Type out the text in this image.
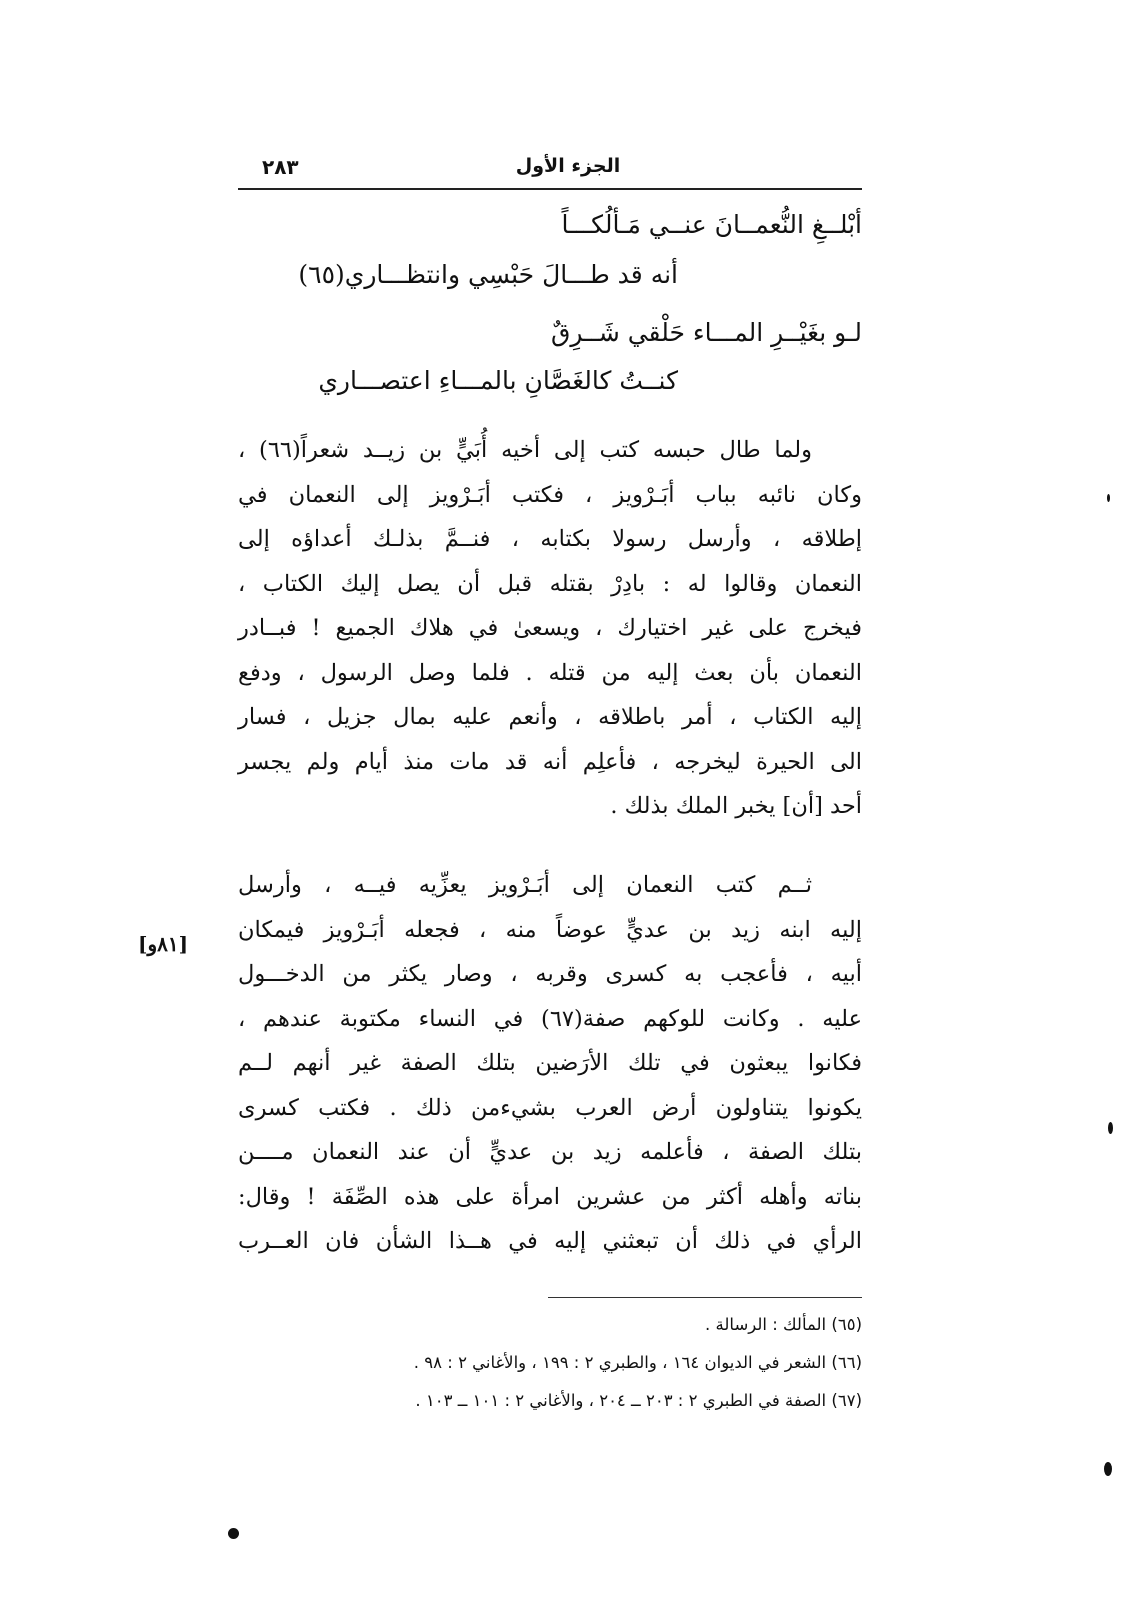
الجزء الأول
٢٨٣
أبْلــغِ النُّعمــانَ عنــي مَـألُكـــاً
أنه قد طـــالَ حَبْسِي وانتظـــاري(٦٥)
لـو بغَيْــرِ المـــاء حَلْقي شَــرِقٌ
كنــتُ كالغَصَّانِ بالمـــاءِ اعتصـــاري
ولما طال حبسه كتب إلى أخيه أُبَيٍّ بن زيــد شعراً(٦٦) ،
وكان نائبه بباب أبَـرْويز ، فكتب أبَـرْويز إلى النعمان في
إطلاقه ، وأرسل رسولا بكتابه ، فنــمَّ بذلـك أعداؤه إلى
النعمان وقالوا له : بادِرْ بقتله قبل أن يصل إليك الكتاب ،
فيخرج على غير اختيارك ، ويسعىٰ في هلاك الجميع ! فبــادر
النعمان بأن بعث إليه من قتله . فلما وصل الرسول ، ودفع
إليه الكتاب ، أمر باطلاقه ، وأنعم عليه بمال جزيل ، فسار
الى الحيرة ليخرجه ، فأعلِم أنه قد مات منذ أيام ولم يجسر
أحد [أن] يخبر الملك بذلك .
ثــم كتب النعمان إلى أبَـرْويز يعزِّيه فيــه ، وأرسل
إليه ابنه زيد بن عديٍّ عوضاً منه ، فجعله أبَـرْويز فيمكان
أبيه ، فأعجب به كسرى وقربه ، وصار يكثر من الدخـــول
عليه . وكانت للوكهم صفة(٦٧) في النساء مكتوبة عندهم ،
فكانوا يبعثون في تلك الأرَضين بتلك الصفة غير أنهم لــم
يكونوا يتناولون أرض العرب بشيءمن ذلك . فكتب كسرى
بتلك الصفة ، فأعلمه زيد بن عديٍّ أن عند النعمان مــــن
بناته وأهله أكثر من عشرين امرأة على هذه الصِّفَة ! وقال:
الرأي في ذلك أن تبعثني إليه في هــذا الشأن فان العــرب
[٨١و]
(٦٥) المألك : الرسالة .
(٦٦) الشعر في الديوان ١٦٤ ، والطبري ٢ : ١٩٩ ، والأغاني ٢ : ٩٨ .
(٦٧) الصفة في الطبري ٢ : ٢٠٣ ــ ٢٠٤ ، والأغاني ٢ : ١٠١ ــ ١٠٣ .
